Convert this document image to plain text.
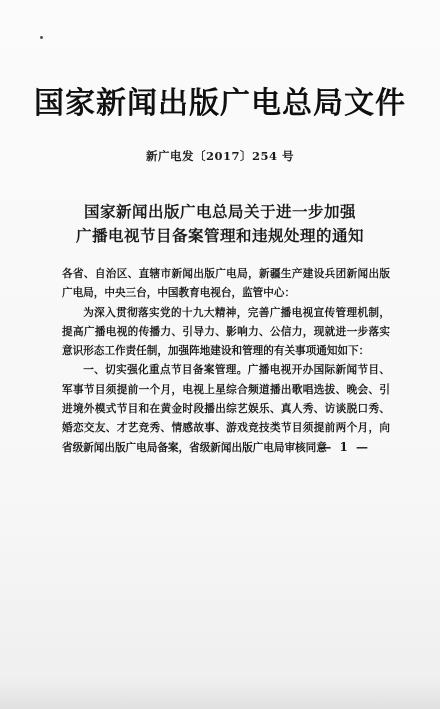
国家新闻出版广电总局文件
新广电发〔2017〕254 号
国家新闻出版广电总局关于进一步加强
广播电视节目备案管理和违规处理的通知

各省、自治区、直辖市新闻出版广电局，新疆生产建设兵团新闻出版广电局，中央三台，中国教育电视台，监管中心：

为深入贯彻落实党的十九大精神，完善广播电视宣传管理机制，提高广播电视的传播力、引导力、影响力、公信力，现就进一步落实意识形态工作责任制，加强阵地建设和管理的有关事项通知如下：

一、切实强化重点节目备案管理。广播电视开办国际新闻节目、军事节目须提前一个月，电视上星综合频道播出歌唱选拔、晚会、引进境外模式节目和在黄金时段播出综艺娱乐、真人秀、访谈脱口秀、婚恋交友、才艺竞秀、情感故事、游戏竞技类节目须提前两个月，向省级新闻出版广电局备案，省级新闻出版广电局审核同意

— 1 —
